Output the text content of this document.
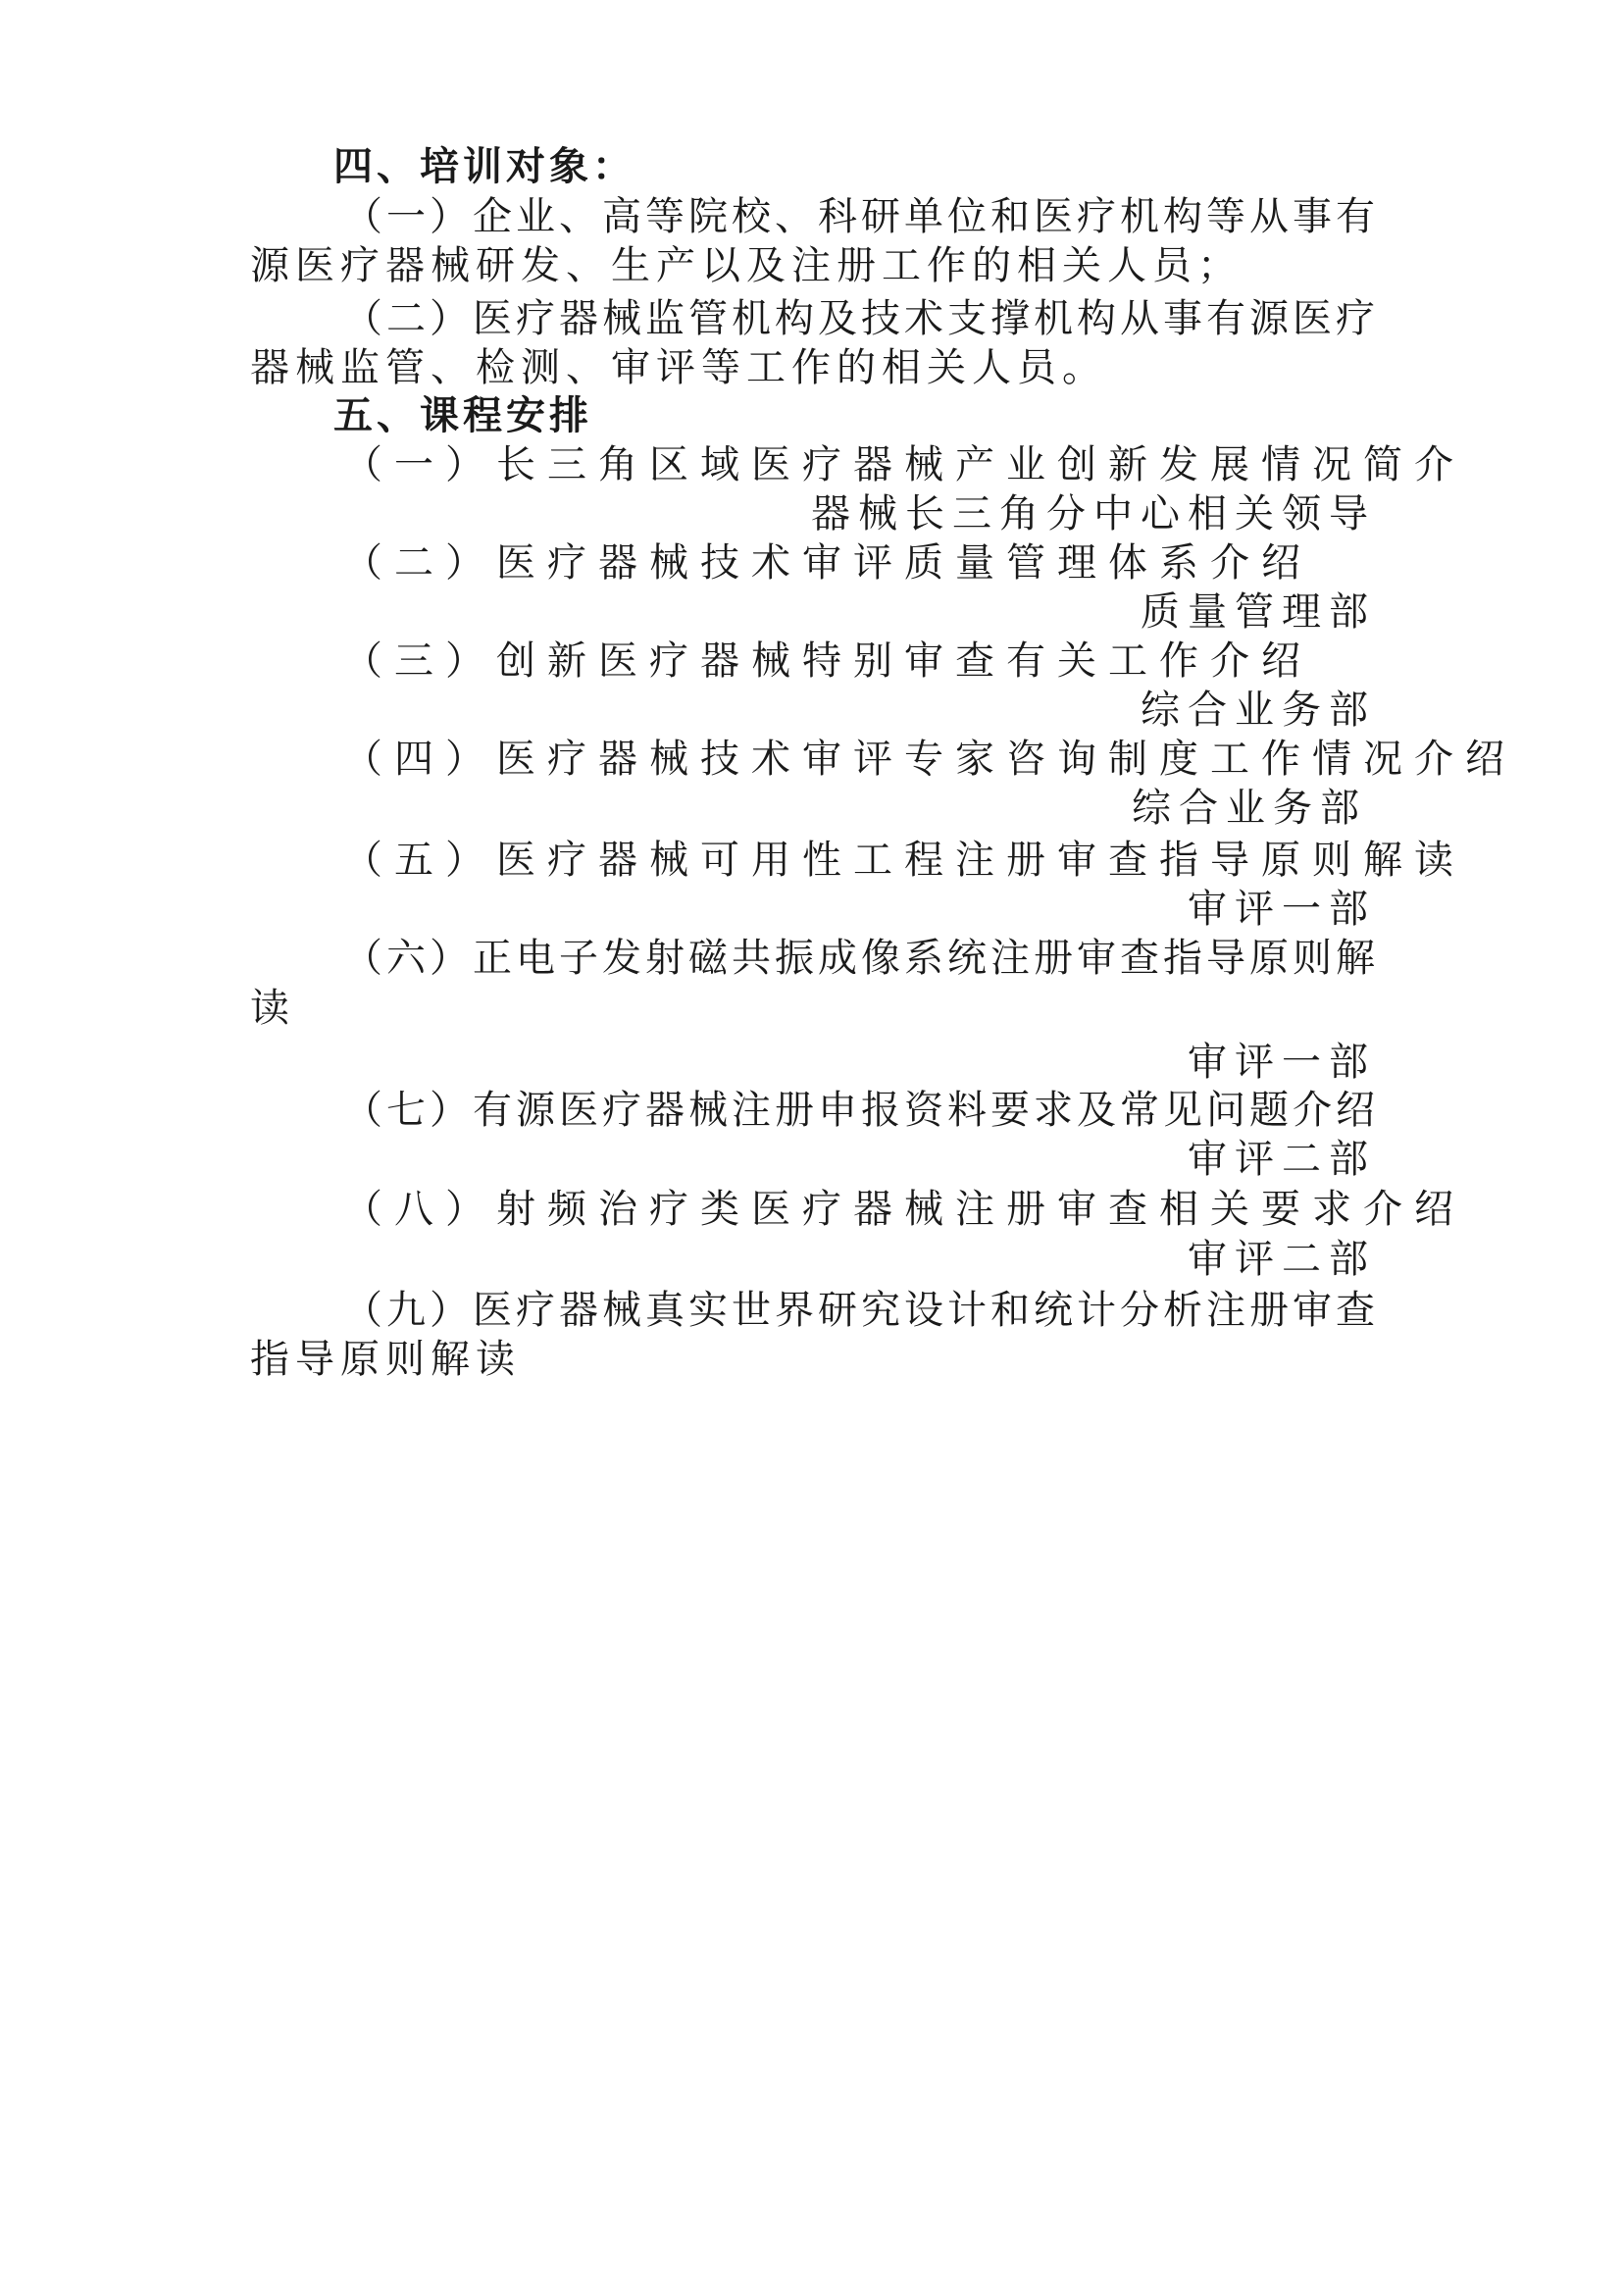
四、培训对象：
（一）企业、高等院校、科研单位和医疗机构等从事有
源医疗器械研发、生产以及注册工作的相关人员；
（二）医疗器械监管机构及技术支撑机构从事有源医疗
器械监管、检测、审评等工作的相关人员。
五、课程安排
（一）长三角区域医疗器械产业创新发展情况简介
器械长三角分中心相关领导
（二）医疗器械技术审评质量管理体系介绍
质量管理部
（三）创新医疗器械特别审查有关工作介绍
综合业务部
（四）医疗器械技术审评专家咨询制度工作情况介绍
综合业务部
（五）医疗器械可用性工程注册审查指导原则解读
审评一部
（六）正电子发射磁共振成像系统注册审查指导原则解
读
审评一部
（七）有源医疗器械注册申报资料要求及常见问题介绍
审评二部
（八）射频治疗类医疗器械注册审查相关要求介绍
审评二部
（九）医疗器械真实世界研究设计和统计分析注册审查
指导原则解读
